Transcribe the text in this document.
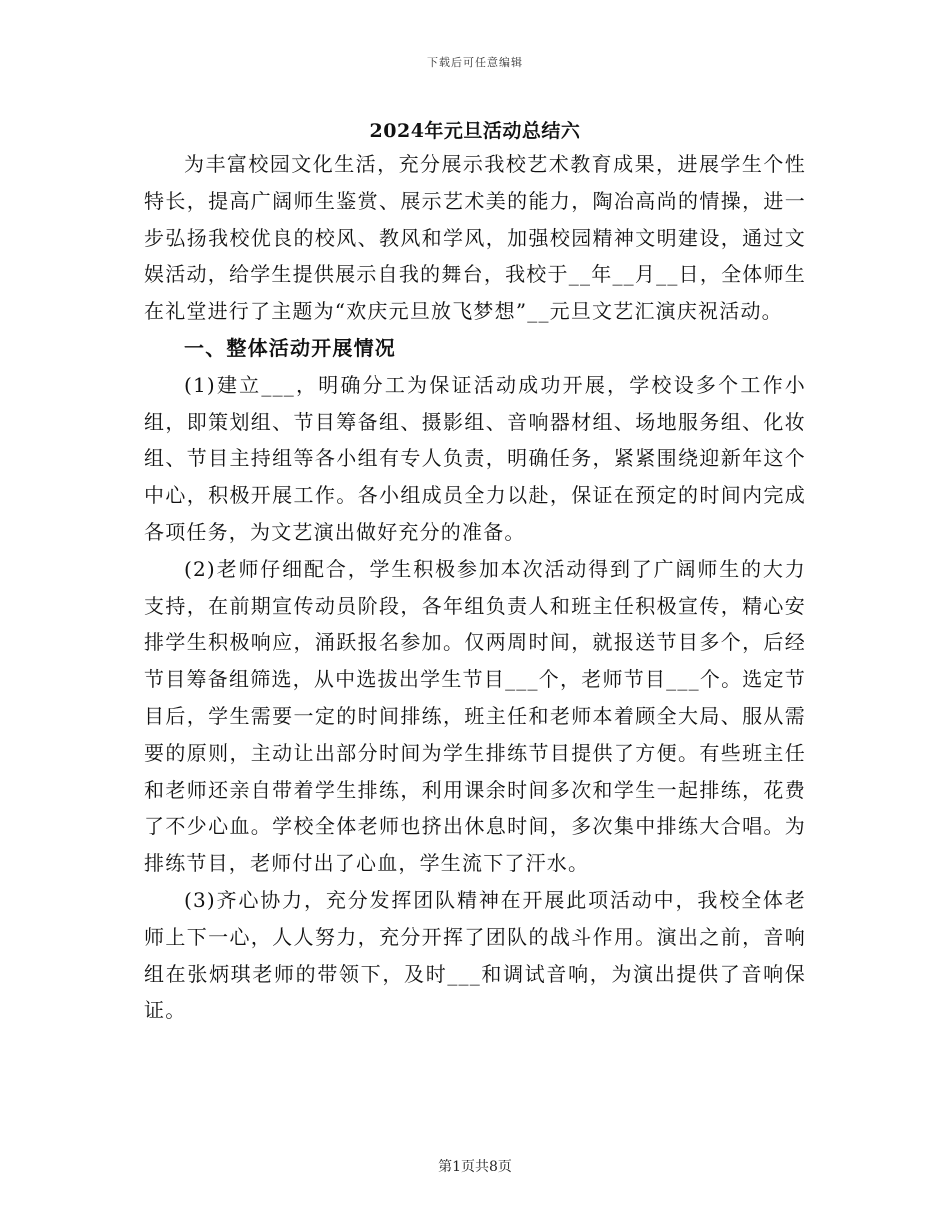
下载后可任意编辑
2024年元旦活动总结六

为丰富校园文化生活，充分展示我校艺术教育成果，进展学生个性特长，提高广阔师生鉴赏、展示艺术美的能力，陶冶高尚的情操，进一步弘扬我校优良的校风、教风和学风，加强校园精神文明建设，通过文娱活动，给学生提供展示自我的舞台，我校于__年__月__日，全体师生在礼堂进行了主题为“欢庆元旦放飞梦想”__元旦文艺汇演庆祝活动。

一、整体活动开展情况

(1)建立___，明确分工为保证活动成功开展，学校设多个工作小组，即策划组、节目筹备组、摄影组、音响器材组、场地服务组、化妆组、节目主持组等各小组有专人负责，明确任务，紧紧围绕迎新年这个中心，积极开展工作。各小组成员全力以赴，保证在预定的时间内完成各项任务，为文艺演出做好充分的准备。

(2)老师仔细配合，学生积极参加本次活动得到了广阔师生的大力支持，在前期宣传动员阶段，各年组负责人和班主任积极宣传，精心安排学生积极响应，涌跃报名参加。仅两周时间，就报送节目多个，后经节目筹备组筛选，从中选拔出学生节目___个，老师节目___个。选定节目后，学生需要一定的时间排练，班主任和老师本着顾全大局、服从需要的原则，主动让出部分时间为学生排练节目提供了方便。有些班主任和老师还亲自带着学生排练，利用课余时间多次和学生一起排练，花费了不少心血。学校全体老师也挤出休息时间，多次集中排练大合唱。为排练节目，老师付出了心血，学生流下了汗水。

(3)齐心协力，充分发挥团队精神在开展此项活动中，我校全体老师上下一心，人人努力，充分开挥了团队的战斗作用。演出之前，音响组在张炳琪老师的带领下，及时___和调试音响，为演出提供了音响保证。

第1页共8页
